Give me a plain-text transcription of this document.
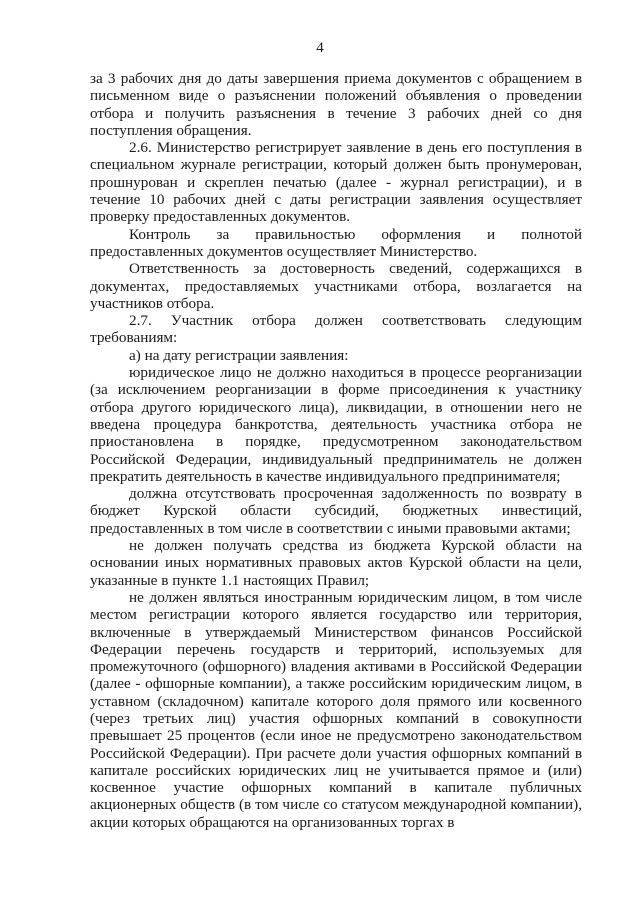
4

за 3 рабочих дня до даты завершения приема документов с обращением в письменном виде о разъяснении положений объявления о проведении отбора и получить разъяснения в течение 3 рабочих дней со дня поступления обращения.

2.6. Министерство регистрирует заявление в день его поступления в специальном журнале регистрации, который должен быть пронумерован, прошнурован и скреплен печатью (далее - журнал регистрации), и в течение 10 рабочих дней с даты регистрации заявления осуществляет проверку предоставленных документов.

Контроль за правильностью оформления и полнотой предоставленных документов осуществляет Министерство.

Ответственность за достоверность сведений, содержащихся в документах, предоставляемых участниками отбора, возлагается на участников отбора.

2.7. Участник отбора должен соответствовать следующим требованиям:

а) на дату регистрации заявления:

юридическое лицо не должно находиться в процессе реорганизации (за исключением реорганизации в форме присоединения к участнику отбора другого юридического лица), ликвидации, в отношении него не введена процедура банкротства, деятельность участника отбора не приостановлена в порядке, предусмотренном законодательством Российской Федерации, индивидуальный предприниматель не должен прекратить деятельность в качестве индивидуального предпринимателя;

должна отсутствовать просроченная задолженность по возврату в бюджет Курской области субсидий, бюджетных инвестиций, предоставленных в том числе в соответствии с иными правовыми актами;

не должен получать средства из бюджета Курской области на основании иных нормативных правовых актов Курской области на цели, указанные в пункте 1.1 настоящих Правил;

не должен являться иностранным юридическим лицом, в том числе местом регистрации которого является государство или территория, включенные в утверждаемый Министерством финансов Российской Федерации перечень государств и территорий, используемых для промежуточного (офшорного) владения активами в Российской Федерации (далее - офшорные компании), а также российским юридическим лицом, в уставном (складочном) капитале которого доля прямого или косвенного (через третьих лиц) участия офшорных компаний в совокупности превышает 25 процентов (если иное не предусмотрено законодательством Российской Федерации). При расчете доли участия офшорных компаний в капитале российских юридических лиц не учитывается прямое и (или) косвенное участие офшорных компаний в капитале публичных акционерных обществ (в том числе со статусом международной компании), акции которых обращаются на организованных торгах в
